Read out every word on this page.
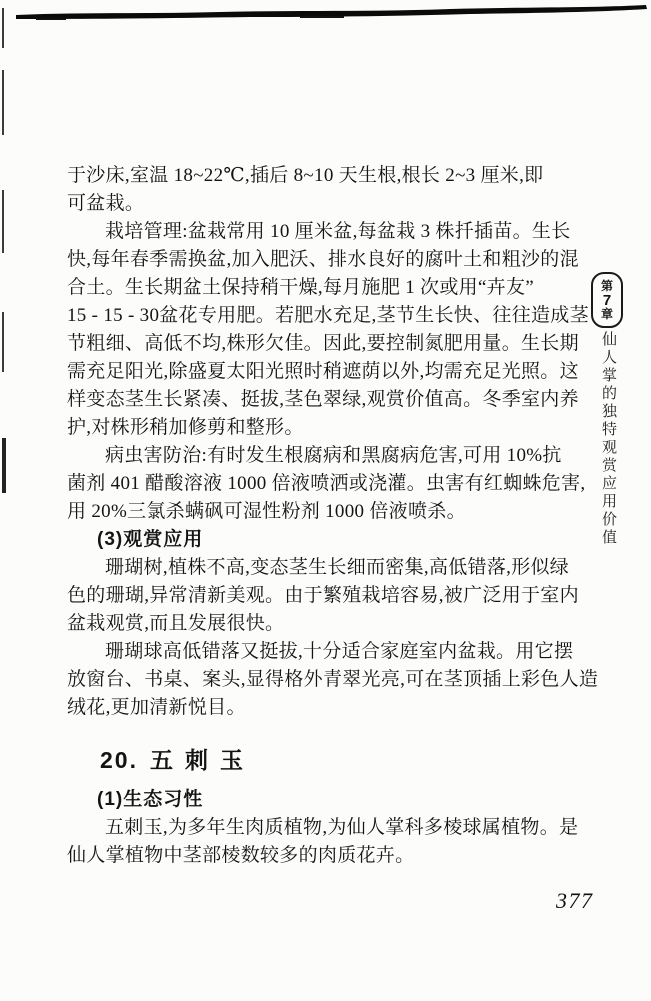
于沙床,室温 18~22℃,插后 8~10 天生根,根长 2~3 厘米,即
可盆栽。
栽培管理:盆栽常用 10 厘米盆,每盆栽 3 株扦插苗。生长
快,每年春季需换盆,加入肥沃、排水良好的腐叶土和粗沙的混
合土。生长期盆土保持稍干燥,每月施肥 1 次或用“卉友”
15 - 15 - 30盆花专用肥。若肥水充足,茎节生长快、往往造成茎
节粗细、高低不均,株形欠佳。因此,要控制氮肥用量。生长期
需充足阳光,除盛夏太阳光照时稍遮荫以外,均需充足光照。这
样变态茎生长紧凑、挺拔,茎色翠绿,观赏价值高。冬季室内养
护,对株形稍加修剪和整形。
病虫害防治:有时发生根腐病和黑腐病危害,可用 10%抗
菌剂 401 醋酸溶液 1000 倍液喷洒或浇灌。虫害有红蜘蛛危害,
用 20%三氯杀螨砜可湿性粉剂 1000 倍液喷杀。
(3)观赏应用
珊瑚树,植株不高,变态茎生长细而密集,高低错落,形似绿
色的珊瑚,异常清新美观。由于繁殖栽培容易,被广泛用于室内
盆栽观赏,而且发展很快。
珊瑚球高低错落又挺拔,十分适合家庭室内盆栽。用它摆
放窗台、书桌、案头,显得格外青翠光亮,可在茎顶插上彩色人造
绒花,更加清新悦目。
20. 五刺玉
(1)生态习性
五刺玉,为多年生肉质植物,为仙人掌科多棱球属植物。是
仙人掌植物中茎部棱数较多的肉质花卉。
第
7
章
仙人掌的独特观赏应用价值
377
